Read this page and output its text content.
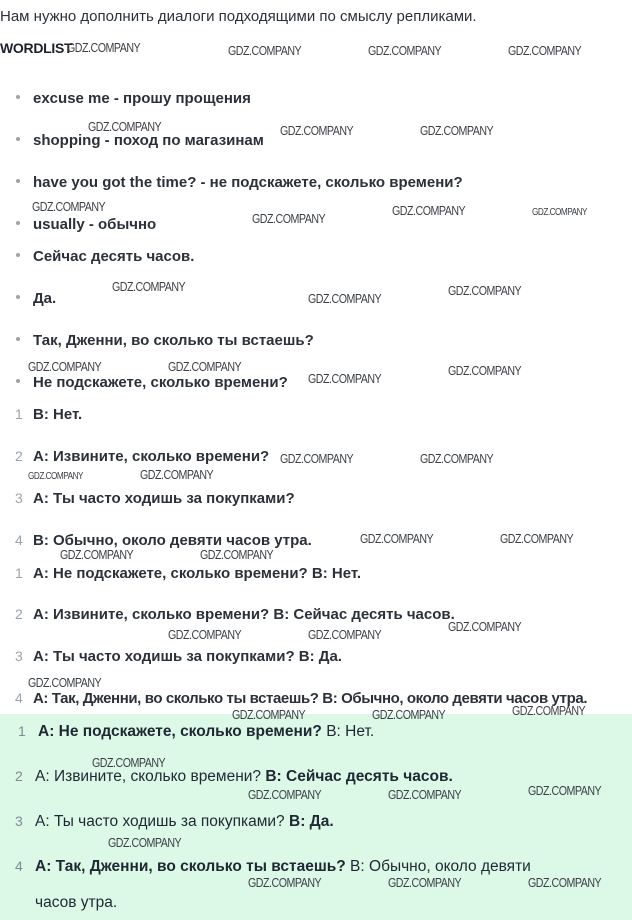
Нам нужно дополнить диалоги подходящими по смыслу репликами.
WORDLIST
excuse me - прошу прощения
shopping - поход по магазинам
have you got the time? - не подскажете, сколько времени?
usually - обычно
Сейчас десять часов.
Да.
Так, Дженни, во сколько ты встаешь?
Не подскажете, сколько времени?
1 B: Нет.
2 A: Извините, сколько времени?
3 A: Ты часто ходишь за покупками?
4 B: Обычно, около девяти часов утра.
1 A: Не подскажете, сколько времени? B: Нет.
2 A: Извините, сколько времени? B: Сейчас десять часов.
3 A: Ты часто ходишь за покупками? B: Да.
4 A: Так, Дженни, во сколько ты встаешь? B: Обычно, около девяти часов утра.
1 A: Не подскажете, сколько времени? B: Нет.
2 A: Извините, сколько времени? B: Сейчас десять часов.
3 A: Ты часто ходишь за покупками? B: Да.
4 A: Так, Дженни, во сколько ты встаешь? B: Обычно, около девяти
часов утра.
GDZ.COMPANY	GDZ.COMPANY	GDZ.COMPANY	GDZ.COMPANY
GDZ.COMPANY	GDZ.COMPANY	GDZ.COMPANY
GDZ.COMPANY
GDZ.COMPANY
GDZ.COMPANY	GDZ.COMPANY
GDZ.COMPANY
GDZ.COMPANY
GDZ.COMPANY
GDZ.COMPANY	GDZ.COMPANY
GDZ.COMPANY
GDZ.COMPANY
GDZ.COMPANY	GDZ.COMPANY
GDZ.COMPANY	GDZ.COMPANY
GDZ.COMPANY	GDZ.COMPANY
GDZ.COMPANY	GDZ.COMPANY
GDZ.COMPANY
GDZ.COMPANY	GDZ.COMPANY
GDZ.COMPANY
GDZ.COMPANY
GDZ.COMPANY	GDZ.COMPANY
GDZ.COMPANY
GDZ.COMPANY
GDZ.COMPANY	GDZ.COMPANY
GDZ.COMPANY
GDZ.COMPANY	GDZ.COMPANY	GDZ.COMPANY
